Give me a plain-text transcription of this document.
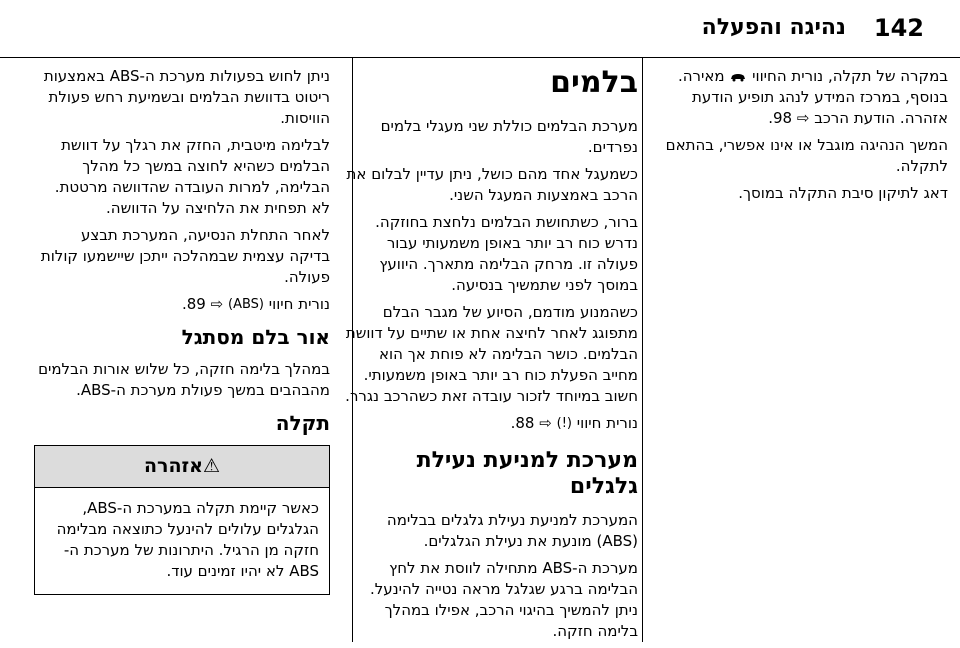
142
נהיגה והפעלה

במקרה של תקלה, נורית החיווי  מאירה. בנוסף, במרכז המידע לנהג תופיע הודעת אזהרה. הודעת הרכב ⇨ 98.

המשך הנהיגה מוגבל או אינו אפשרי, בהתאם לתקלה.

דאג לתיקון סיבת התקלה במוסך.

בלמים

מערכת הבלמים כוללת שני מעגלי בלמים נפרדים.

כשמעגל אחד מהם כושל, ניתן עדיין לבלום את הרכב באמצעות המעגל השני.

ברור, כשתחושת הבלמים נלחצת בחוזקה. נדרש כוח רב יותר באופן משמעותי עבור פעולה זו. מרחק הבלימה מתארך. היוועץ במוסך לפני שתמשיך בנסיעה.

כשהמנוע מודמם, הסיוע של מגבר הבלם מתפוגג לאחר לחיצה אחת או שתיים על דוושת הבלמים. כושר הבלימה לא פוחת אך הוא מחייב הפעלת כוח רב יותר באופן משמעותי. חשוב במיוחד לזכור עובדה זאת כשהרכב נגרר.

נורית חיווי (!) ⇨ 88.

מערכת למניעת נעילת גלגלים

המערכת למניעת נעילת גלגלים בבלימה (ABS) מונעת את נעילת הגלגלים.

מערכת ה-ABS מתחילה לווסת את לחץ הבלימה ברגע שגלגל מראה נטייה להינעל. ניתן להמשיך בהיגוי הרכב, אפילו במהלך בלימה חזקה.

ניתן לחוש בפעולות מערכת ה-ABS באמצעות ריטוט בדוושת הבלמים ובשמיעת רחש פעולת הוויסות.

לבלימה מיטבית, החזק את רגלך על דוושת הבלמים כשהיא לחוצה במשך כל מהלך הבלימה, למרות העובדה שהדוושה מרטטת. לא תפחית את הלחיצה על הדוושה.

לאחר התחלת הנסיעה, המערכת תבצע בדיקה עצמית שבמהלכה ייתכן שיישמעו קולות פעולה.

נורית חיווי (ABS) ⇨ 89.

אור בלם מסתגל

במהלך בלימה חזקה, כל שלוש אורות הבלמים מהבהבים במשך פעולת מערכת ה-ABS.

תקלה
⚠אזהרה
כאשר קיימת תקלה במערכת ה-ABS, הגלגלים עלולים להינעל כתוצאה מבלימה חזקה מן הרגיל. היתרונות של מערכת ה-ABS לא יהיו זמינים עוד.
